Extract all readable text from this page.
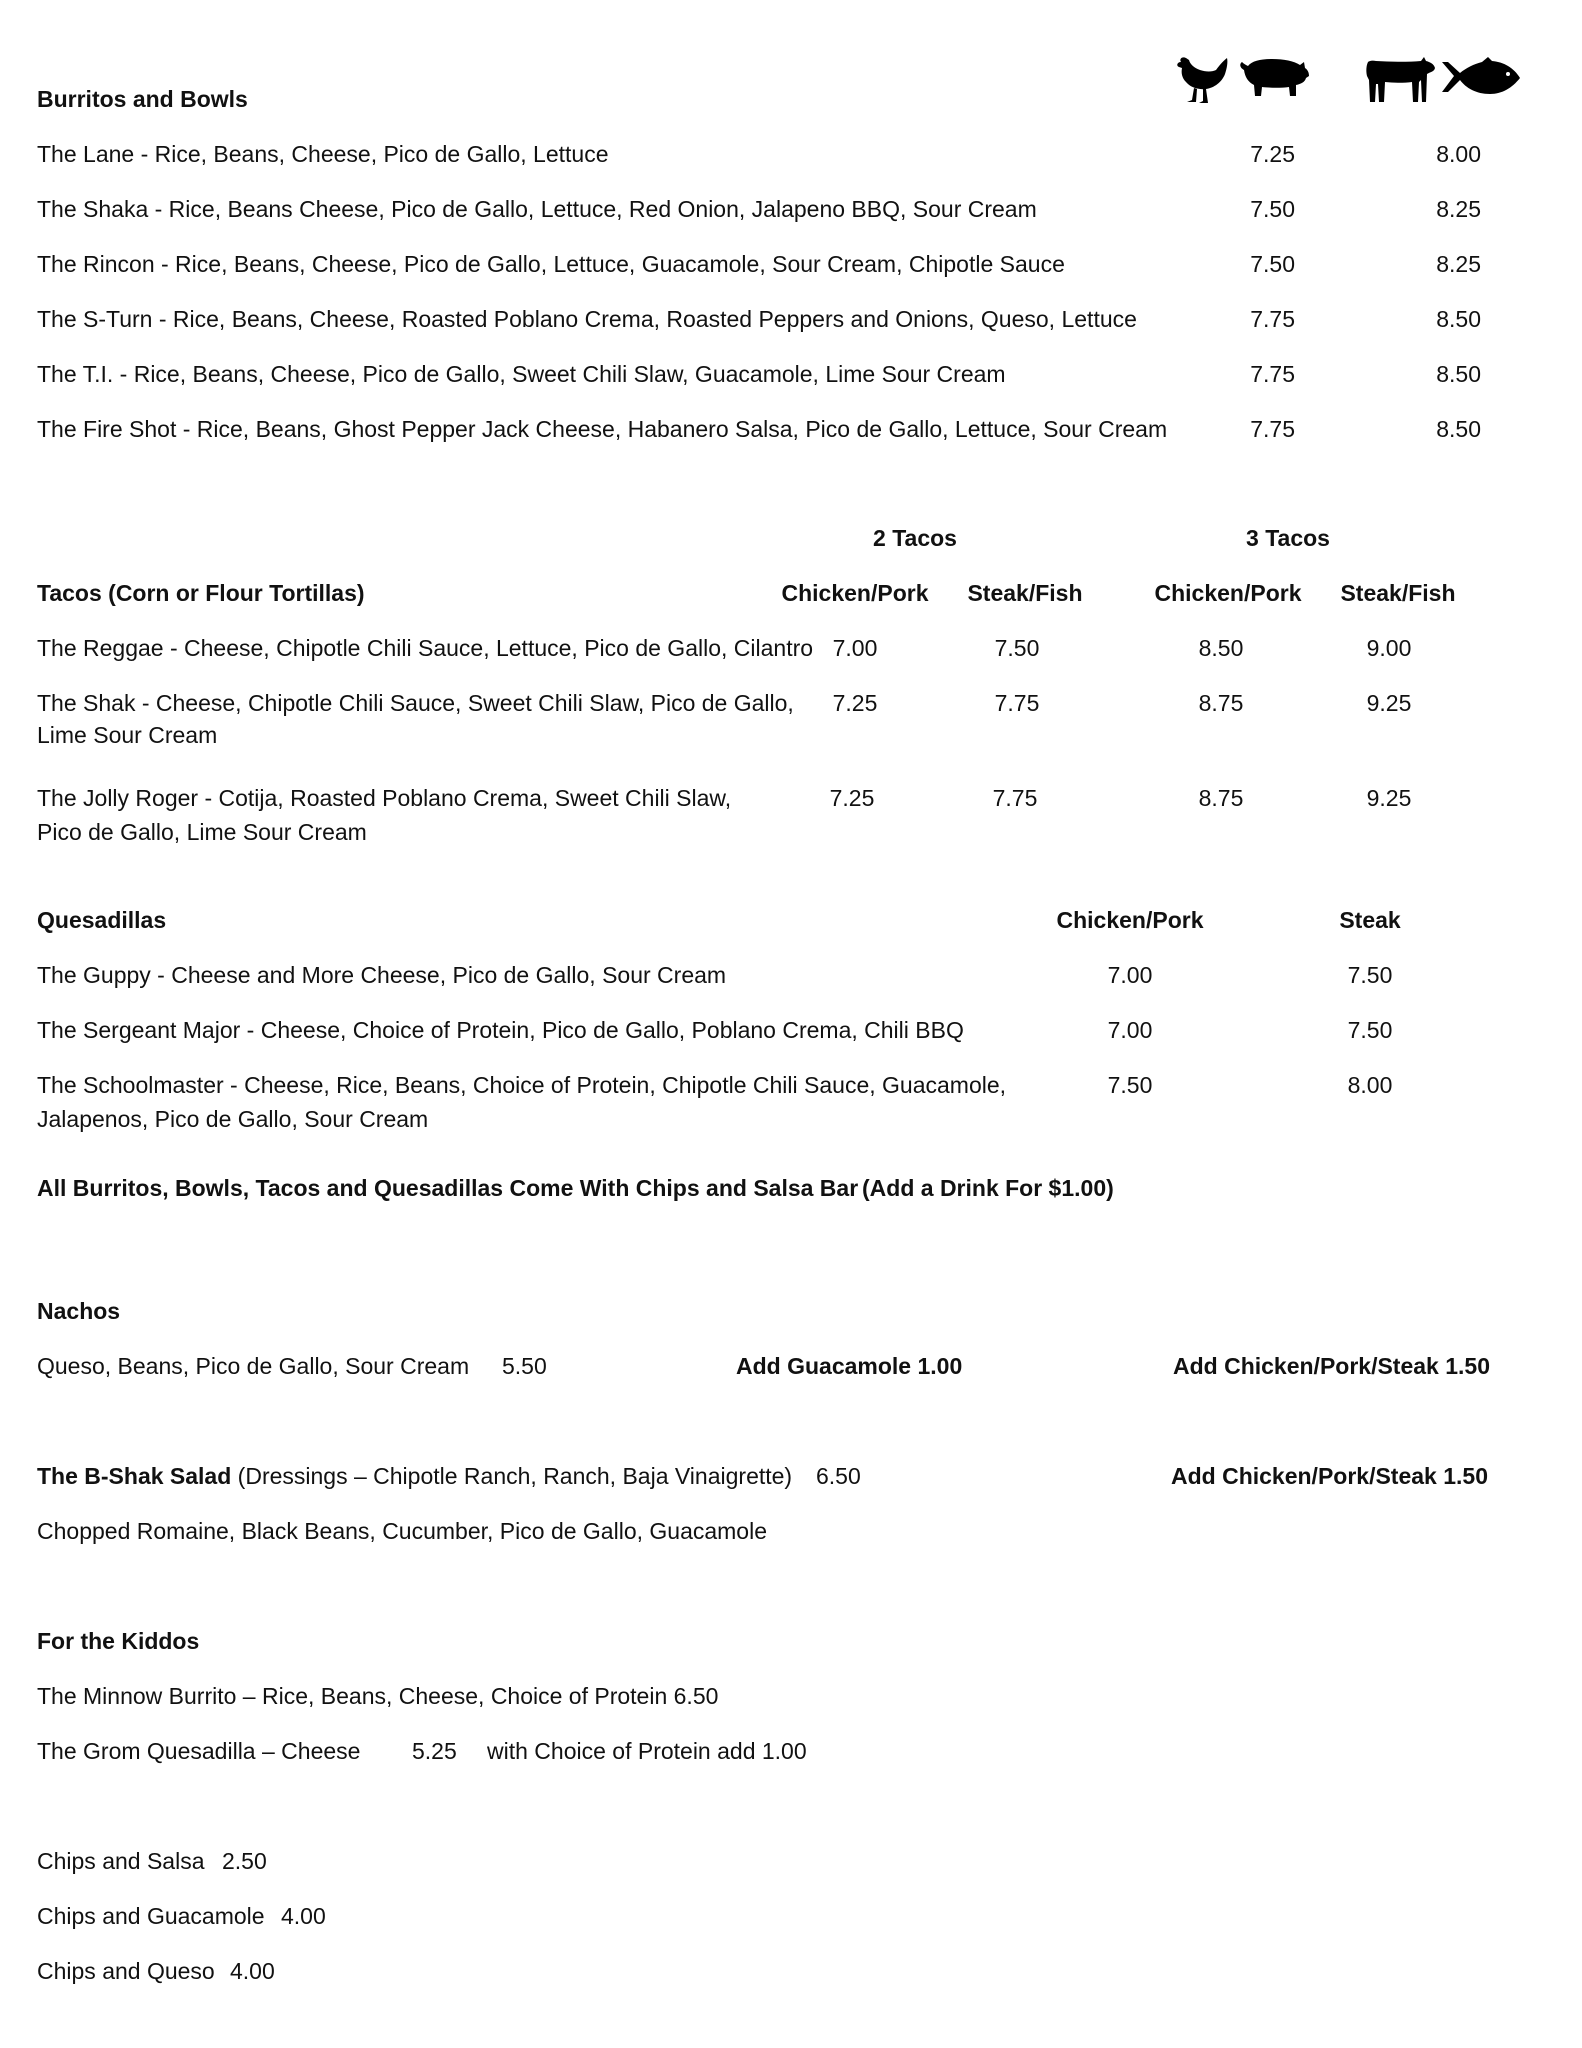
Burritos and Bowls
The Lane - Rice, Beans, Cheese, Pico de Gallo, Lettuce	7.25	8.00
The Shaka - Rice, Beans Cheese, Pico de Gallo, Lettuce, Red Onion, Jalapeno BBQ, Sour Cream	7.50	8.25
The Rincon - Rice, Beans, Cheese, Pico de Gallo, Lettuce, Guacamole, Sour Cream, Chipotle Sauce	7.50	8.25
The S-Turn - Rice, Beans, Cheese, Roasted Poblano Crema, Roasted Peppers and Onions, Queso, Lettuce	7.75	8.50
The T.I. - Rice, Beans, Cheese, Pico de Gallo, Sweet Chili Slaw, Guacamole, Lime Sour Cream	7.75	8.50
The Fire Shot - Rice, Beans, Ghost Pepper Jack Cheese, Habanero Salsa, Pico de Gallo, Lettuce, Sour Cream	7.75	8.50
2 Tacos	3 Tacos
Tacos (Corn or Flour Tortillas)	Chicken/Pork	Steak/Fish	Chicken/Pork	Steak/Fish
The Reggae - Cheese, Chipotle Chili Sauce, Lettuce, Pico de Gallo, Cilantro 7.00	7.50	8.50	9.00
The Shak - Cheese, Chipotle Chili Sauce, Sweet Chili Slaw, Pico de Gallo,
Lime Sour Cream
7.25	7.75	8.75	9.25
The Jolly Roger - Cotija, Roasted Poblano Crema, Sweet Chili Slaw,
Pico de Gallo, Lime Sour Cream
7.25	7.75	8.75	9.25
Quesadillas	Chicken/Pork	Steak
The Guppy - Cheese and More Cheese, Pico de Gallo, Sour Cream	7.00	7.50
The Sergeant Major - Cheese, Choice of Protein, Pico de Gallo, Poblano Crema, Chili BBQ	7.00	7.50
The Schoolmaster - Cheese, Rice, Beans, Choice of Protein, Chipotle Chili Sauce, Guacamole,
Jalapenos, Pico de Gallo, Sour Cream
7.50	8.00
All Burritos, Bowls, Tacos and Quesadillas Come With Chips and Salsa Bar (Add a Drink For $1.00)
Nachos
Queso, Beans, Pico de Gallo, Sour Cream 5.50	Add Guacamole 1.00	Add Chicken/Pork/Steak 1.50
The B-Shak Salad (Dressings – Chipotle Ranch, Ranch, Baja Vinaigrette) 6.50	Add Chicken/Pork/Steak 1.50
Chopped Romaine, Black Beans, Cucumber, Pico de Gallo, Guacamole
For the Kiddos
The Minnow Burrito – Rice, Beans, Cheese, Choice of Protein 6.50
The Grom Quesadilla – Cheese 5.25 with Choice of Protein add 1.00
Chips and Salsa 2.50
Chips and Guacamole 4.00
Chips and Queso 4.00
